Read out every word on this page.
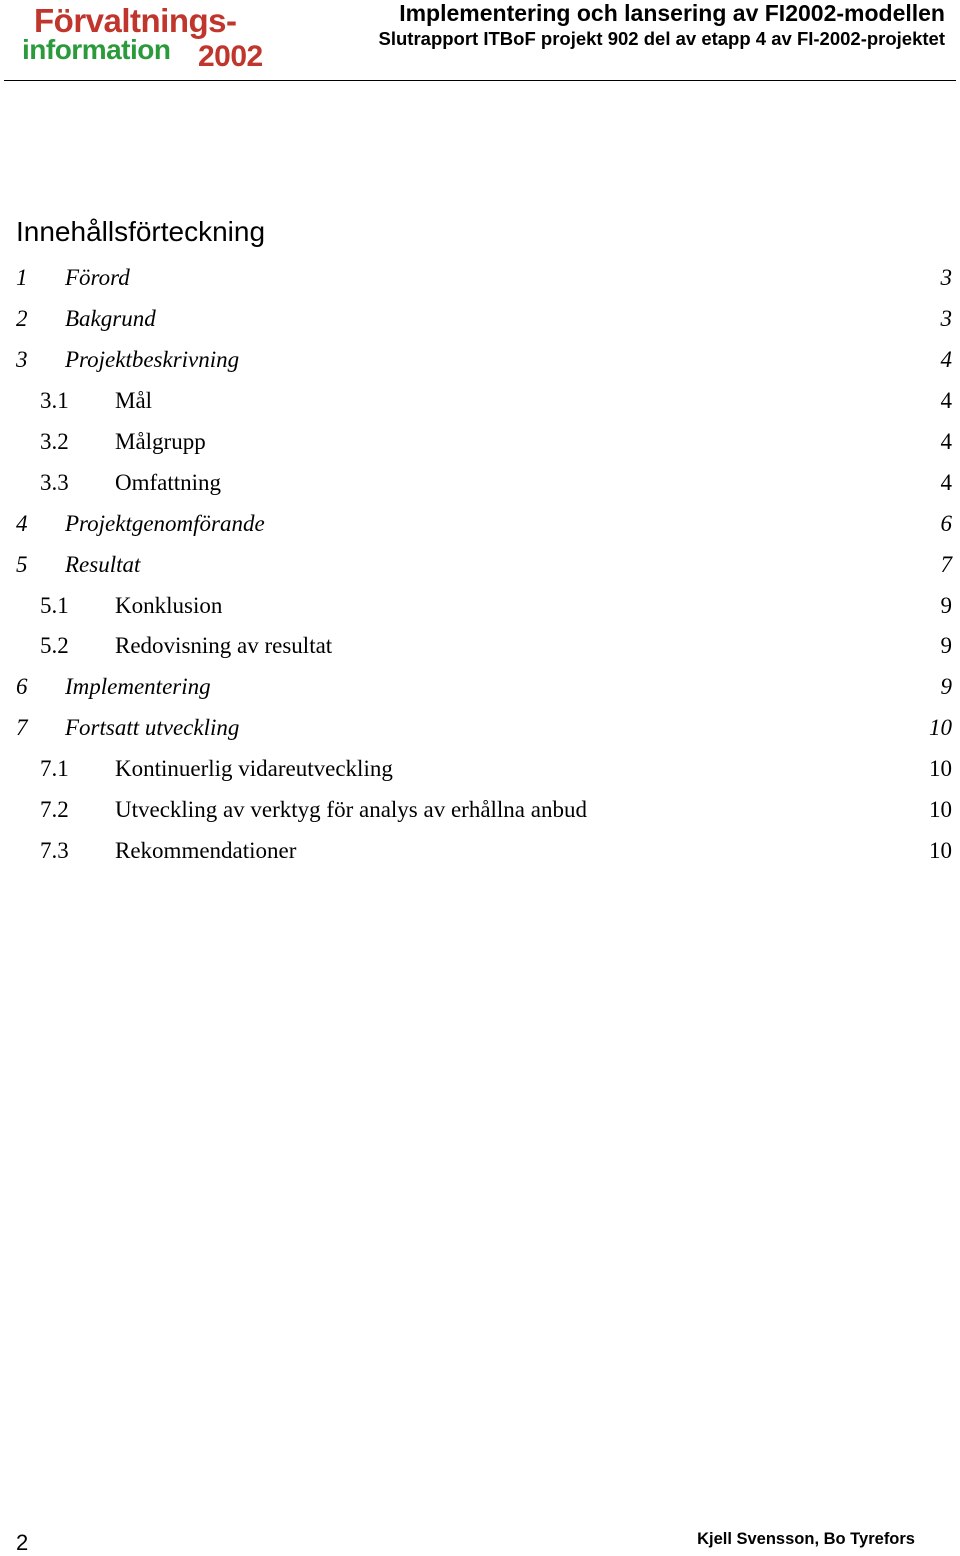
Förvaltnings-
information 2002
Implementering och lansering av FI2002-modellen
Slutrapport ITBoF projekt 902 del av etapp 4 av FI-2002-projektet
Innehållsförteckning
1	Förord .....	3
2	Bakgrund .....	3
3	Projektbeskrivning .....	4
3.1	Mål .....	4
3.2	Målgrupp .....	4
3.3	Omfattning .....	4
4	Projektgenomförande .....	6
5	Resultat .....	7
5.1	Konklusion .....	9
5.2	Redovisning av resultat .....	9
6	Implementering .....	9
7	Fortsatt utveckling .....	10
7.1	Kontinuerlig vidareutveckling .....	10
7.2	Utveckling av verktyg för analys av erhållna anbud .....	10
7.3	Rekommendationer .....	10
2	Kjell Svensson, Bo Tyrefors
